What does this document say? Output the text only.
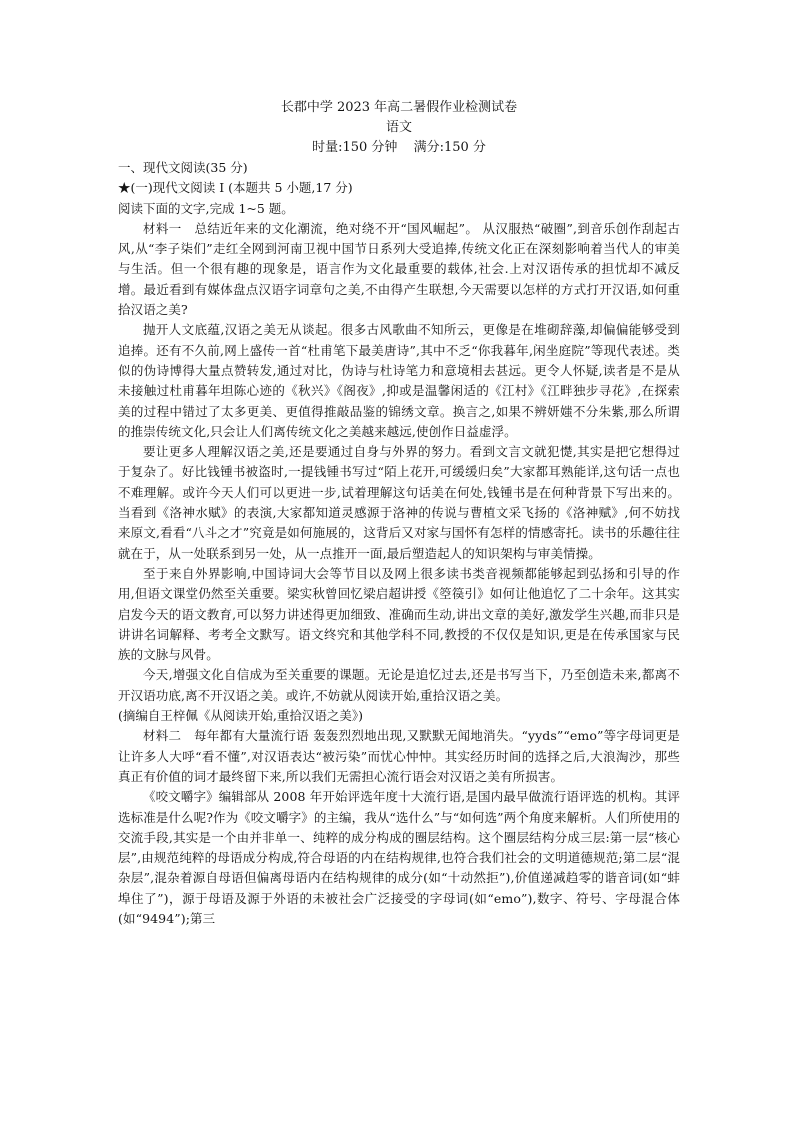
长郡中学 2023 年高二暑假作业检测试卷

语文

时量:150 分钟 满分:150 分

一、现代文阅读(35 分)

★(一)现代文阅读 I (本题共 5 小题,17 分)

阅读下面的文字,完成 1~5 题。

材料一　总结近年来的文化潮流，绝对绕不开“国风崛起”。 从汉服热“破圈”,到音乐创作刮起古风,从“李子柒们”走红全网到河南卫视中国节日系列大受追捧,传统文化正在深刻影响着当代人的审美与生活。但一个很有趣的现象是，语言作为文化最重要的载体,社会.上对汉语传承的担忧却不减反增。最近看到有媒体盘点汉语字词章句之美,不由得产生联想,今天需要以怎样的方式打开汉语,如何重拾汉语之美?

抛开人文底蕴,汉语之美无从谈起。很多古风歌曲不知所云，更像是在堆砌辞藻,却偏偏能够受到追捧。还有不久前,网上盛传一首“杜甫笔下最美唐诗”,其中不乏“你我暮年,闲坐庭院”等现代表述。类似的伪诗博得大量点赞转发,通过对比，伪诗与杜诗笔力和意境相去甚远。更令人怀疑,读者是不是从未接触过杜甫暮年坦陈心迹的《秋兴》《阁夜》,抑或是温馨闲适的《江村》《江畔独步寻花》,在探索美的过程中错过了太多更美、更值得推敲品鉴的锦绣文章。换言之,如果不辨妍媸不分朱紫,那么所谓的推崇传统文化,只会让人们离传统文化之美越来越远,使创作日益虚浮。

要让更多人理解汉语之美,还是要通过自身与外界的努力。看到文言文就犯憷,其实是把它想得过于复杂了。好比钱锺书被盗时,一提钱锺书写过“陌上花开,可缓缓归矣”大家都耳熟能详,这句话一点也不难理解。或许今天人们可以更进一步,试着理解这句话美在何处,钱锺书是在何种背景下写出来的。当看到《洛神水赋》的表演,大家都知道灵感源于洛神的传说与曹植文采飞扬的《洛神赋》,何不妨找来原文,看看“八斗之才”究竟是如何施展的，这背后又对家与国怀有怎样的情感寄托。读书的乐趣往往就在于，从一处联系到另一处，从一点推开一面,最后塑造起人的知识架构与审美情操。

至于来自外界影响,中国诗词大会等节目以及网上很多读书类音视频都能够起到弘扬和引导的作用,但语文课堂仍然至关重要。梁实秋曾回忆梁启超讲授《箜篌引》如何让他追忆了二十余年。这其实启发今天的语文教育,可以努力讲述得更加细致、准确而生动,讲出文章的美好,激发学生兴趣,而非只是讲讲名词解释、考考全文默写。语文终究和其他学科不同,教授的不仅仅是知识,更是在传承国家与民族的文脉与风骨。

今天,增强文化自信成为至关重要的课题。无论是追忆过去,还是书写当下，乃至创造未来,都离不开汉语功底,离不开汉语之美。或许,不妨就从阅读开始,重拾汉语之美。

(摘编自王梓佩《从阅读开始,重拾汉语之美》)

材料二　每年都有大量流行语 轰轰烈烈地出现,又默默无闻地消失。“yyds”“emo”等字母词更是让许多人大呼“看不懂”,对汉语表达“被污染”而忧心忡忡。其实经历时间的选择之后,大浪淘沙，那些真正有价值的词才最终留下来,所以我们无需担心流行语会对汉语之美有所损害。

《咬文嚼字》编辑部从 2008 年开始评选年度十大流行语,是国内最早做流行语评选的机构。其评选标准是什么呢?作为《咬文嚼字》的主编，我从“选什么”与“如何选”两个角度来解析。人们所使用的交流手段,其实是一个由并非单一、纯粹的成分构成的圈层结构。这个圈层结构分成三层:第一层“核心层”,由规范纯粹的母语成分构成,符合母语的内在结构规律,也符合我们社会的文明道德规范;第二层“混杂层”,混杂着源自母语但偏离母语内在结构规律的成分(如“十动然拒”),价值递减趋零的谐音词(如“蚌埠住了”)，源于母语及源于外语的未被社会广泛接受的字母词(如“emo”),数字、符号、字母混合体(如“9494”);第三
